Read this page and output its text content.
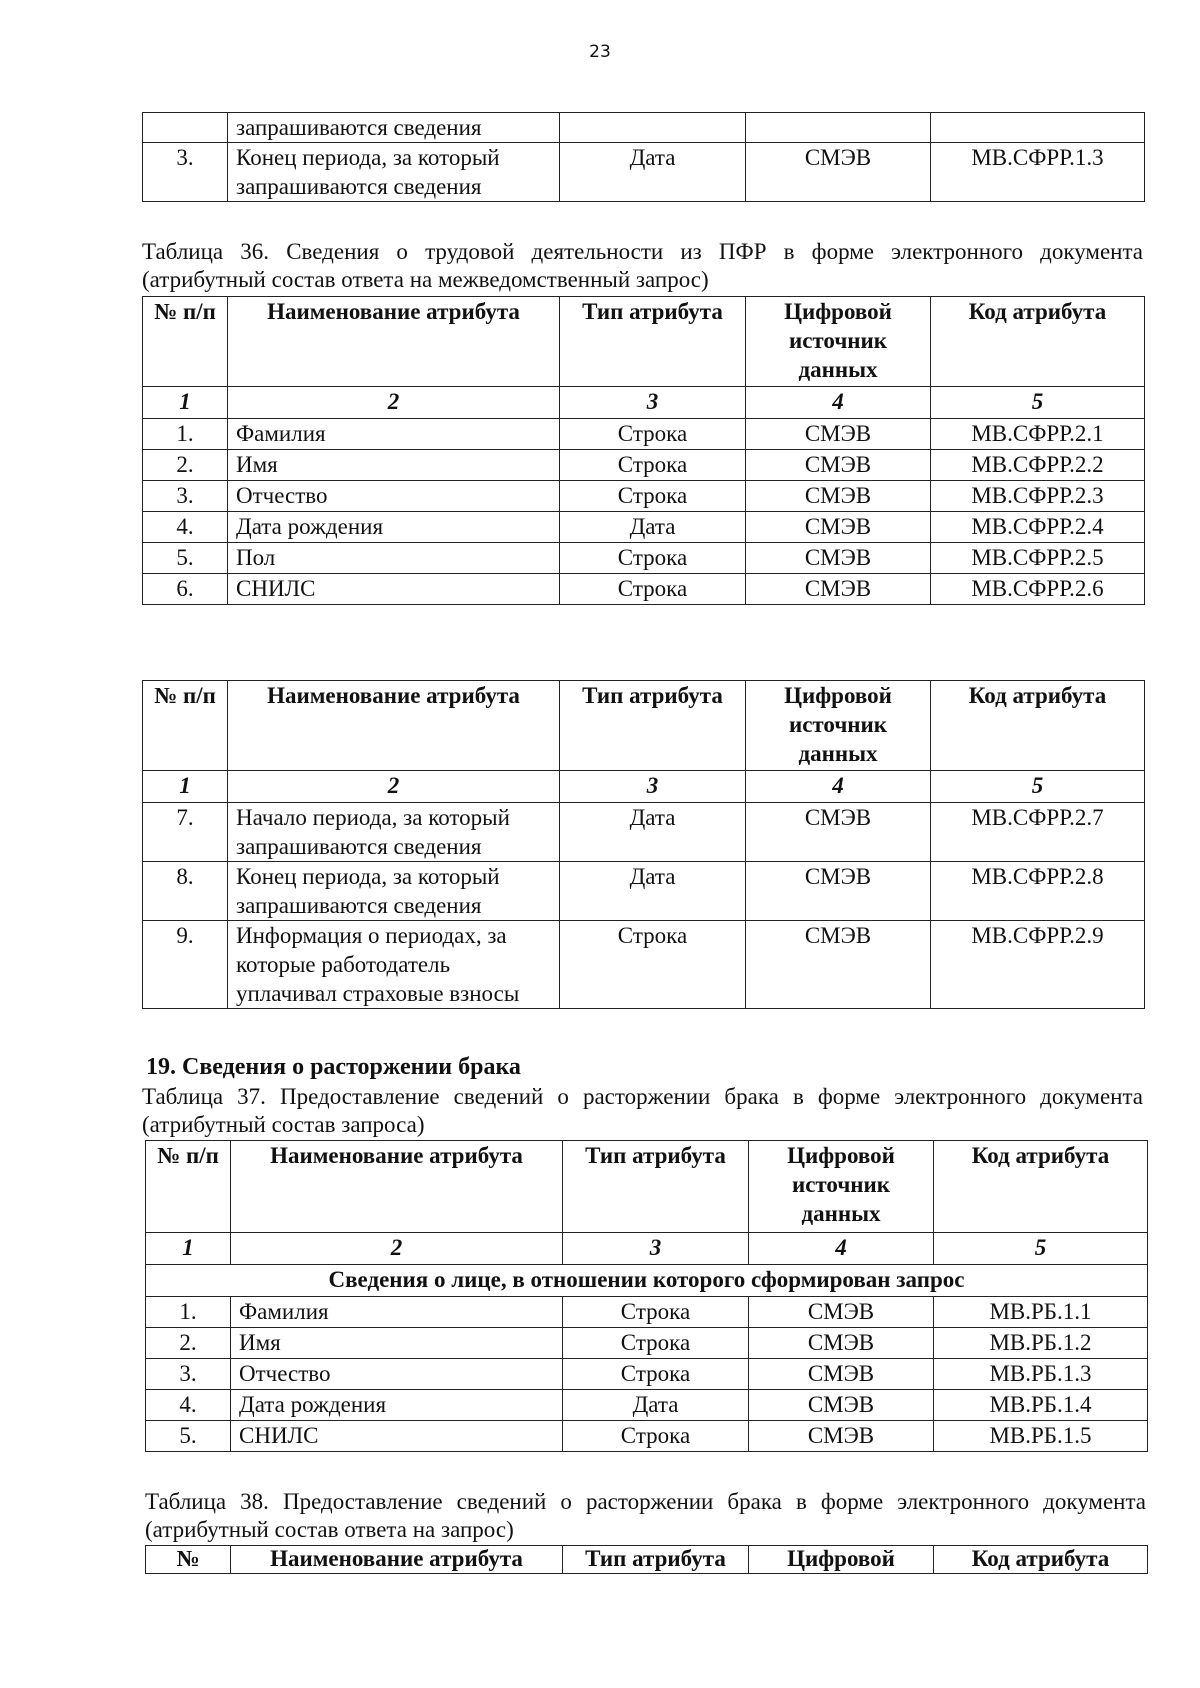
23
	запрашиваются сведения			
3.	Конец периода, за который запрашиваются сведения	Дата	СМЭВ	МВ.СФРР.1.3
Таблица 36. Сведения о трудовой деятельности из ПФР в форме электронного документа (атрибутный состав ответа на межведомственный запрос)
№ п/п	Наименование атрибута	Тип атрибута	Цифровой источник данных	Код атрибута
1	2	3	4	5
1.	Фамилия	Строка	СМЭВ	МВ.СФРР.2.1
2.	Имя	Строка	СМЭВ	МВ.СФРР.2.2
3.	Отчество	Строка	СМЭВ	МВ.СФРР.2.3
4.	Дата рождения	Дата	СМЭВ	МВ.СФРР.2.4
5.	Пол	Строка	СМЭВ	МВ.СФРР.2.5
6.	СНИЛС	Строка	СМЭВ	МВ.СФРР.2.6
№ п/п	Наименование атрибута	Тип атрибута	Цифровой источник данных	Код атрибута
1	2	3	4	5
7.	Начало периода, за который запрашиваются сведения	Дата	СМЭВ	МВ.СФРР.2.7
8.	Конец периода, за который запрашиваются сведения	Дата	СМЭВ	МВ.СФРР.2.8
9.	Информация о периодах, за которые работодатель уплачивал страховые взносы	Строка	СМЭВ	МВ.СФРР.2.9
19. Сведения о расторжении брака
Таблица 37. Предоставление сведений о расторжении брака в форме электронного документа (атрибутный состав запроса)
№ п/п	Наименование атрибута	Тип атрибута	Цифровой источник данных	Код атрибута
1	2	3	4	5
Сведения о лице, в отношении которого сформирован запрос				
1.	Фамилия	Строка	СМЭВ	МВ.РБ.1.1
2.	Имя	Строка	СМЭВ	МВ.РБ.1.2
3.	Отчество	Строка	СМЭВ	МВ.РБ.1.3
4.	Дата рождения	Дата	СМЭВ	МВ.РБ.1.4
5.	СНИЛС	Строка	СМЭВ	МВ.РБ.1.5
Таблица 38. Предоставление сведений о расторжении брака в форме электронного документа (атрибутный состав ответа на запрос)
№	Наименование атрибута	Тип атрибута	Цифровой	Код атрибута
